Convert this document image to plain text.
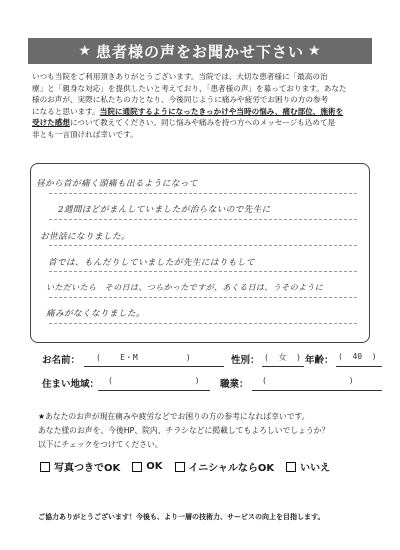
★ 患者様の声をお聞かせ下さい ★
いつも当院をご利用頂きありがとうございます。当院では、大切な患者様に「最高の治
療」と「親身な対応」を提供したいと考えており、「患者様の声」を募っております。あなた
様のお声が、実際に私たちの力となり、今後同じように痛みや疲労でお困りの方の参考
になると思います。当院に通院するようになったきっかけや当時の悩み、痛む部位、施術を
受けた感想について教えてください。同じ悩みや痛みを持つ方へのメッセージも込めて是
非とも一言頂ければ幸いです。
昼から首が痛く頭痛も出るようになって
2週間ほどがまんしていましたが治らないので先生に
お世話になりました。
首では、もんだりしていましたが先生にはりもして
いただいたら　その日は、つらかったですが、あくる日は、うそのように
痛みがなくなりました。
お名前： (    E・M          )	性別： (  女  ) 年齢： (  40  )
住まい地域： (                 ) 職業： (                 )
★あなたのお声が現在痛みや疲労などでお困りの方の参考になれば幸いです。
あなた様のお声を、今後HP、院内、チラシなどに掲載してもよろしいでしょうか？
以下にチェックをつけてください。
写真つきでOK	OK	イニシャルならOK	いいえ
ご協力ありがとうございます！今後も、より一層の技術力、サービスの向上を目指します。
